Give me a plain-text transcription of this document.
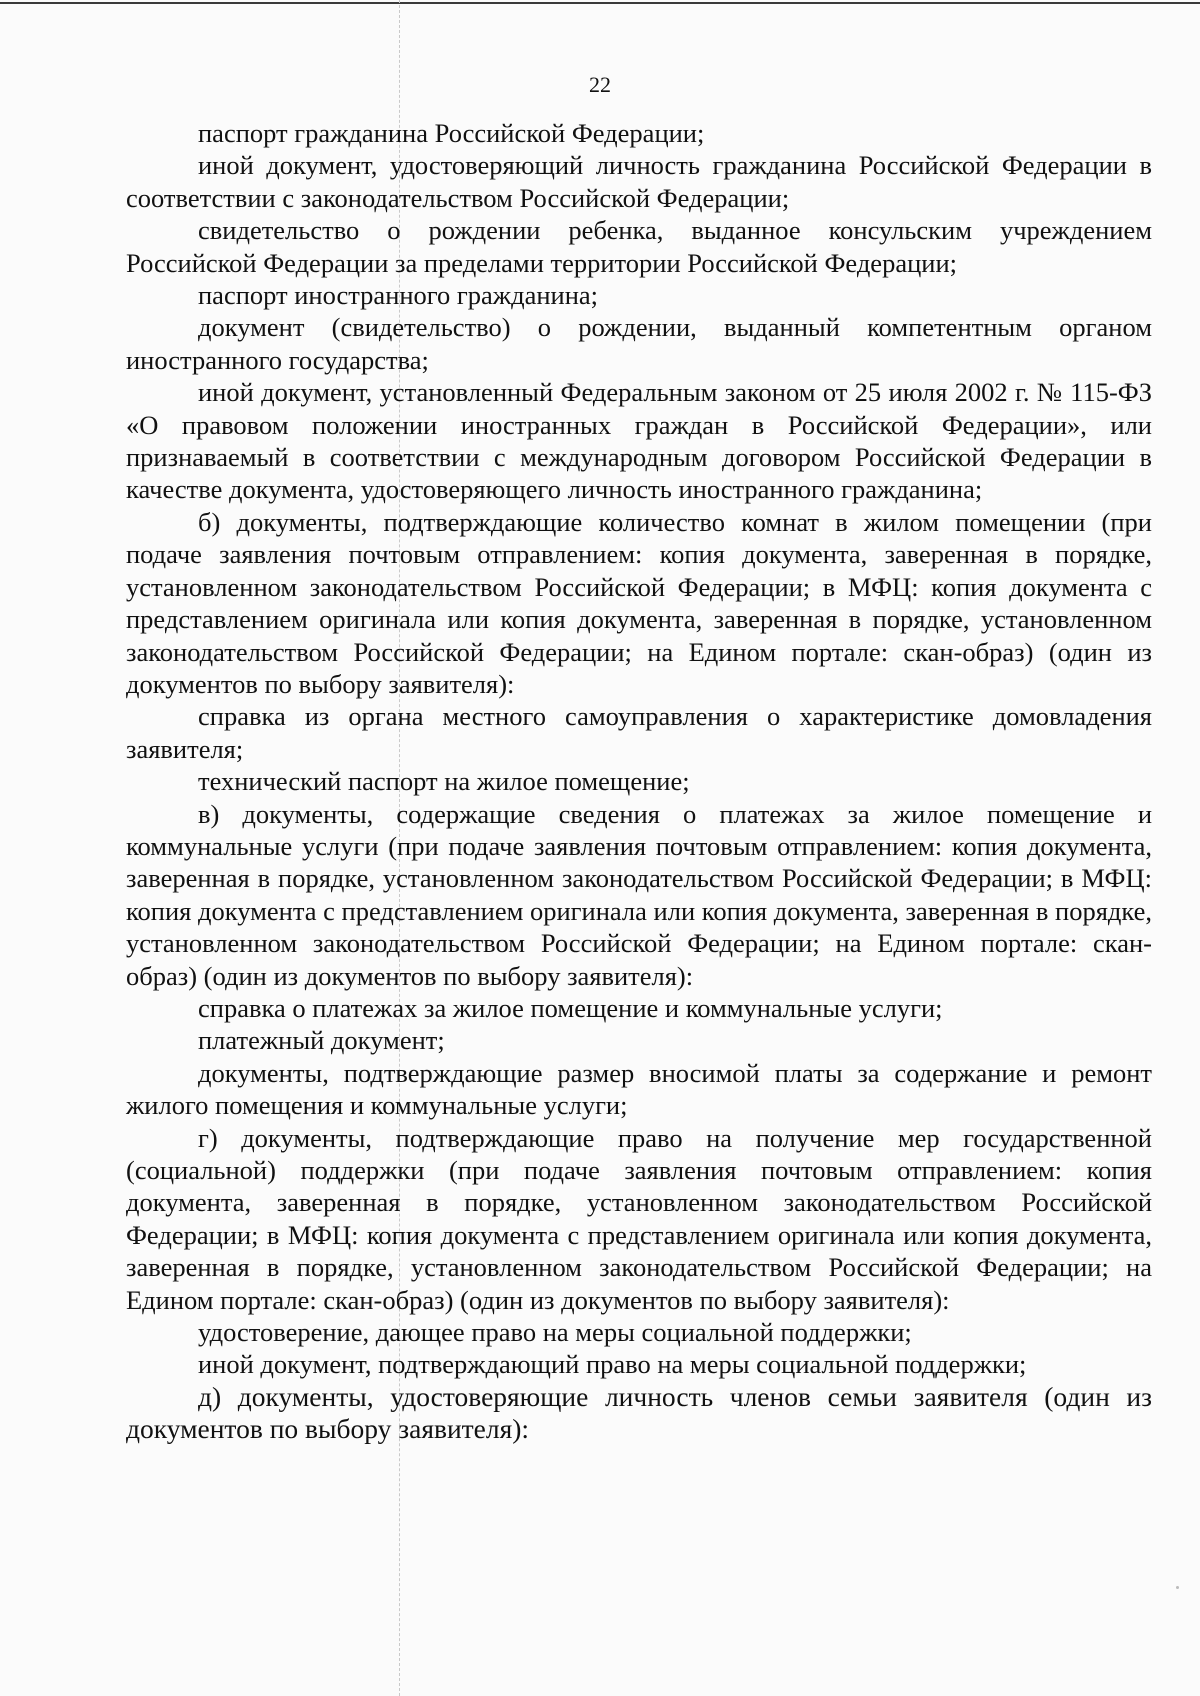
22

паспорт гражданина Российской Федерации;

иной документ, удостоверяющий личность гражданина Российской Федерации в соответствии с законодательством Российской Федерации;

свидетельство о рождении ребенка, выданное консульским учреждением Российской Федерации за пределами территории Российской Федерации;

паспорт иностранного гражданина;

документ (свидетельство) о рождении, выданный компетентным органом иностранного государства;

иной документ, установленный Федеральным законом от 25 июля 2002 г. № 115-ФЗ «О правовом положении иностранных граждан в Российской Федерации», или признаваемый в соответствии с международным договором Российской Федерации в качестве документа, удостоверяющего личность иностранного гражданина;

б) документы, подтверждающие количество комнат в жилом помещении (при подаче заявления почтовым отправлением: копия документа, заверенная в порядке, установленном законодательством Российской Федерации; в МФЦ: копия документа с представлением оригинала или копия документа, заверенная в порядке, установленном законодательством Российской Федерации; на Едином портале: скан-образ) (один из документов по выбору заявителя):

справка из органа местного самоуправления о характеристике домовладения заявителя;

технический паспорт на жилое помещение;

в) документы, содержащие сведения о платежах за жилое помещение и коммунальные услуги (при подаче заявления почтовым отправлением: копия документа, заверенная в порядке, установленном законодательством Российской Федерации; в МФЦ: копия документа с представлением оригинала или копия документа, заверенная в порядке, установленном законодательством Российской Федерации; на Едином портале: скан-образ) (один из документов по выбору заявителя):

справка о платежах за жилое помещение и коммунальные услуги;

платежный документ;

документы, подтверждающие размер вносимой платы за содержание и ремонт жилого помещения и коммунальные услуги;

г) документы, подтверждающие право на получение мер государственной (социальной) поддержки (при подаче заявления почтовым отправлением: копия документа, заверенная в порядке, установленном законодательством Российской Федерации; в МФЦ: копия документа с представлением оригинала или копия документа, заверенная в порядке, установленном законодательством Российской Федерации; на Едином портале: скан-образ) (один из документов по выбору заявителя):

удостоверение, дающее право на меры социальной поддержки;

иной документ, подтверждающий право на меры социальной поддержки;

д) документы, удостоверяющие личность членов семьи заявителя (один из документов по выбору заявителя):
